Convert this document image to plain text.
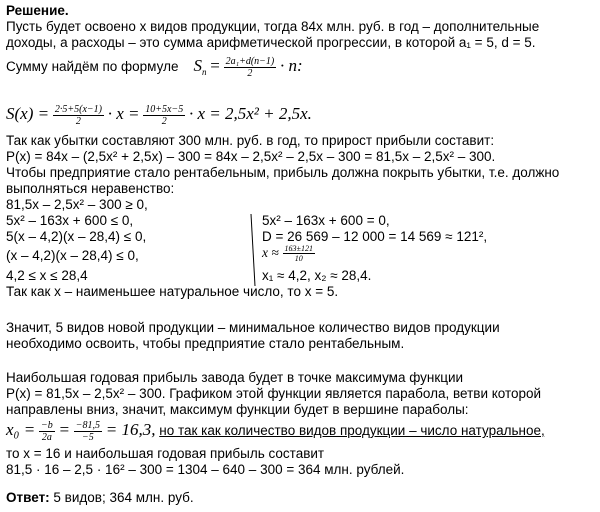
Решение.
Пусть будет освоено х видов продукции, тогда 84х млн. руб. в год – дополнительные
доходы, а расходы – это сумма арифметической прогрессии, в которой a₁ = 5, d = 5.
Сумму найдём по формуле $S_n = \frac{\text{2a₁+d(n−1)}}{2} \cdot n$:
$S(x) = \frac{2\cdot 5+5(x-1)}{2} \cdot x = \frac{10+5x-5}{2} \cdot x = 2,5x^2 + 2,5x$.
Так как убытки составляют 300 млн. руб. в год, то прирост прибыли составит:
P(x) = 84x – (2,5x² + 2,5x) – 300 = 84x – 2,5x² – 2,5x – 300 = 81,5x – 2,5x² – 300.
Чтобы предприятие стало рентабельным, прибыль должна покрыть убытки, т.е. должно
выполняться неравенство:
81,5x – 2,5x² – 300 ≥ 0,
5x² – 163x + 600 ≤ 0,
5(x – 4,2)(x – 28,4) ≤ 0,
(x – 4,2)(x – 28,4) ≤ 0,
4,2 ≤ x ≤ 28,4
5x² – 163x + 600 = 0,
D = 26 569 – 12 000 = 14 569 ≈ 121²,
$x \approx \frac{163\pm 121}{10}$
x₁ ≈ 4,2, x₂ ≈ 28,4.
Так как х – наименьшее натуральное число, то х = 5.
Значит, 5 видов новой продукции – минимальное количество видов продукции
необходимо освоить, чтобы предприятие стало рентабельным.
Наибольшая годовая прибыль завода будет в точке максимума функции
P(x) = 81,5x – 2,5x² – 300. Графиком этой функции является парабола, ветви которой
направлены вниз, значит, максимум функции будет в вершине параболы:
$x_0 = \frac{-b}{2a} = \frac{-81,5}{-5} = 16,3$, но так как количество видов продукции – число натуральное,
то x = 16 и наибольшая годовая прибыль составит
81,5 · 16 – 2,5 · 16² – 300 = 1304 – 640 – 300 = 364 млн. рублей.
Ответ: 5 видов; 364 млн. руб.
